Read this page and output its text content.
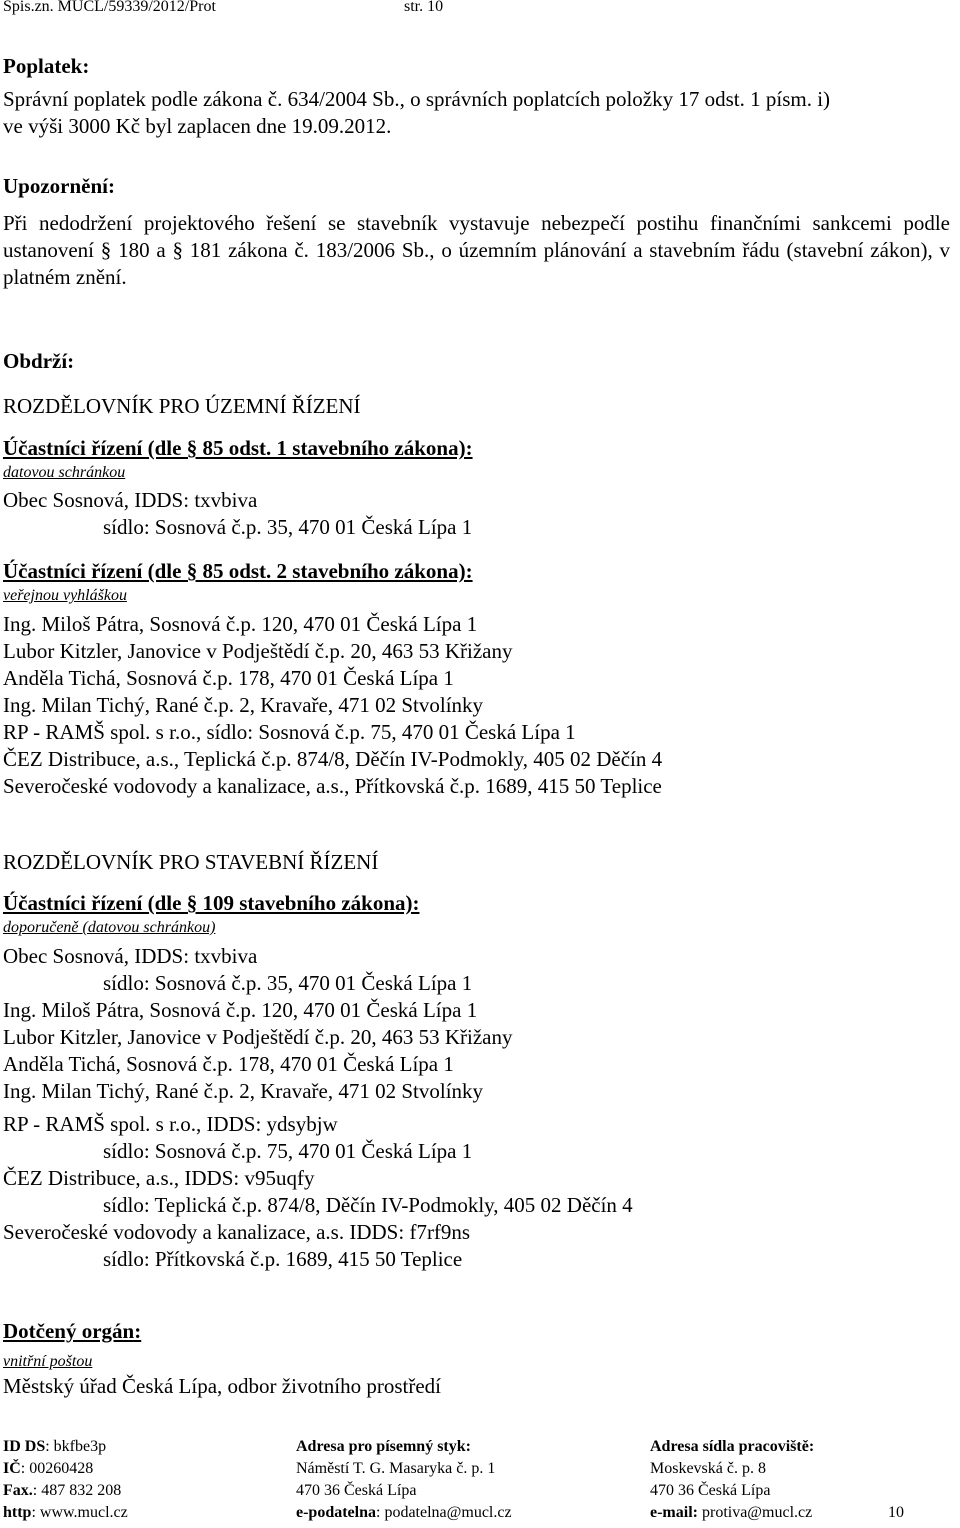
Spis.zn. MUCL/59339/2012/Prot	str. 10
Poplatek:
Správní poplatek podle zákona č. 634/2004 Sb., o správních poplatcích položky 17 odst. 1 písm. i)
ve výši 3000 Kč byl zaplacen dne 19.09.2012.
Upozornění:
Při nedodržení projektového řešení se stavebník vystavuje nebezpečí postihu finančními sankcemi podle ustanovení § 180 a § 181 zákona č. 183/2006 Sb., o územním plánování a stavebním řádu (stavební zákon), v platném znění.
Obdrží:
ROZDĚLOVNÍK PRO ÚZEMNÍ ŘÍZENÍ
Účastníci řízení (dle § 85 odst. 1 stavebního zákona):
datovou schránkou
Obec Sosnová, IDDS: txvbiva
sídlo: Sosnová č.p. 35, 470 01 Česká Lípa 1
Účastníci řízení (dle § 85 odst. 2 stavebního zákona):
veřejnou vyhláškou
Ing. Miloš Pátra, Sosnová č.p. 120, 470 01 Česká Lípa 1
Lubor Kitzler, Janovice v Podještědí č.p. 20, 463 53 Křižany
Anděla Tichá, Sosnová č.p. 178, 470 01 Česká Lípa 1
Ing. Milan Tichý, Rané č.p. 2, Kravaře, 471 02 Stvolínky
RP - RAMŠ spol. s r.o., sídlo: Sosnová č.p. 75, 470 01 Česká Lípa 1
ČEZ Distribuce, a.s., Teplická č.p. 874/8, Děčín IV-Podmokly, 405 02 Děčín 4
Severočeské vodovody a kanalizace, a.s., Přítkovská č.p. 1689, 415 50 Teplice
ROZDĚLOVNÍK PRO STAVEBNÍ ŘÍZENÍ
Účastníci řízení (dle § 109 stavebního zákona):
doporučeně (datovou schránkou)
Obec Sosnová, IDDS: txvbiva
sídlo: Sosnová č.p. 35, 470 01 Česká Lípa 1
Ing. Miloš Pátra, Sosnová č.p. 120, 470 01 Česká Lípa 1
Lubor Kitzler, Janovice v Podještědí č.p. 20, 463 53 Křižany
Anděla Tichá, Sosnová č.p. 178, 470 01 Česká Lípa 1
Ing. Milan Tichý, Rané č.p. 2, Kravaře, 471 02 Stvolínky
RP - RAMŠ spol. s r.o., IDDS: ydsybjw
sídlo: Sosnová č.p. 75, 470 01 Česká Lípa 1
ČEZ Distribuce, a.s., IDDS: v95uqfy
sídlo: Teplická č.p. 874/8, Děčín IV-Podmokly, 405 02 Děčín 4
Severočeské vodovody a kanalizace, a.s. IDDS: f7rf9ns
sídlo: Přítkovská č.p. 1689, 415 50 Teplice
Dotčený orgán:
vnitřní poštou
Městský úřad Česká Lípa, odbor životního prostředí
ID DS: bkfbe3p	Adresa pro písemný styk:	Adresa sídla pracoviště:
IČ: 00260428	Náměstí T. G. Masaryka č. p. 1	Moskevská č. p. 8
Fax.: 487 832 208	470 36 Česká Lípa	470 36 Česká Lípa
http: www.mucl.cz	e-podatelna: podatelna@mucl.cz	e-mail: protiva@mucl.cz	10
